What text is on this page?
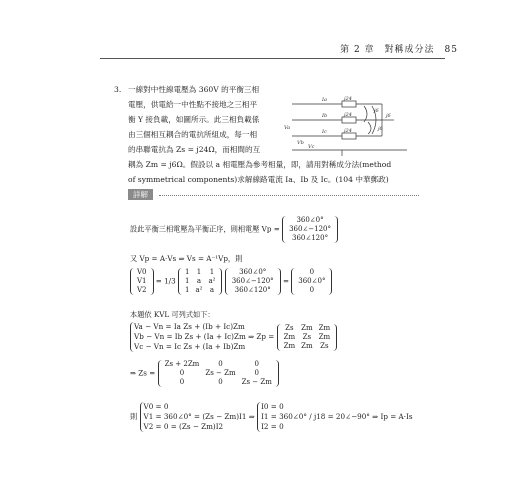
第 2 章　對稱成分法　85
3. 一線對中性線電壓為 360V 的平衡三相
電壓，供電給一中性點不接地之三相平
衡 Y 接負載，如圖所示。此三相負載係
由三個相互耦合的電抗所組成，每一相
的串聯電抗為 Zs = j24Ω，而相間的互
耦為 Zm = j6Ω。假設以 a 相電壓為參考相量，即，請用對稱成分法(method
of symmetrical components)求解線路電流 Ia、Ib 及 Ic。(104 中華郵政)
詳解
Ia
Ib
Ic
Va
Vb
Vc
j24
j24
j24
j6
j6
j6
設此平衡三相電壓為平衡正序，則相電壓 Vp =
360∠0°
360∠−120°
360∠120°
又 Vp = A·Vs ⇒ Vs = A⁻¹Vp，則
V0
V1
V2
= 1/3
1	1	1
1	a	a²
1	a²	a

360∠0°
360∠−120°
360∠120°
=
0
360∠0°
0
本題依 KVL 可列式如下：
Va − Vn = Ia Zs + (Ib + Ic)Zm
Vb − Vn = Ib Zs + (Ia + Ic)Zm
Vc − Vn = Ic Zs + (Ia + Ib)Zm
⇒ Zp =
Zs	Zm	Zm
Zm	Zs	Zm
Zm	Zm	Zs
⇒ Zs =
Zs + 2Zm	0	0
0	Zs − Zm	0
0	0	Zs − Zm
則
V0 = 0
V1 = 360∠0° = (Zs − Zm)I1
V2 = 0 = (Zs − Zm)I2
⇒
I0 = 0
I1 = 360∠0° / j18 = 20∠−90°
I2 = 0
⇒ Ip = A·Is
